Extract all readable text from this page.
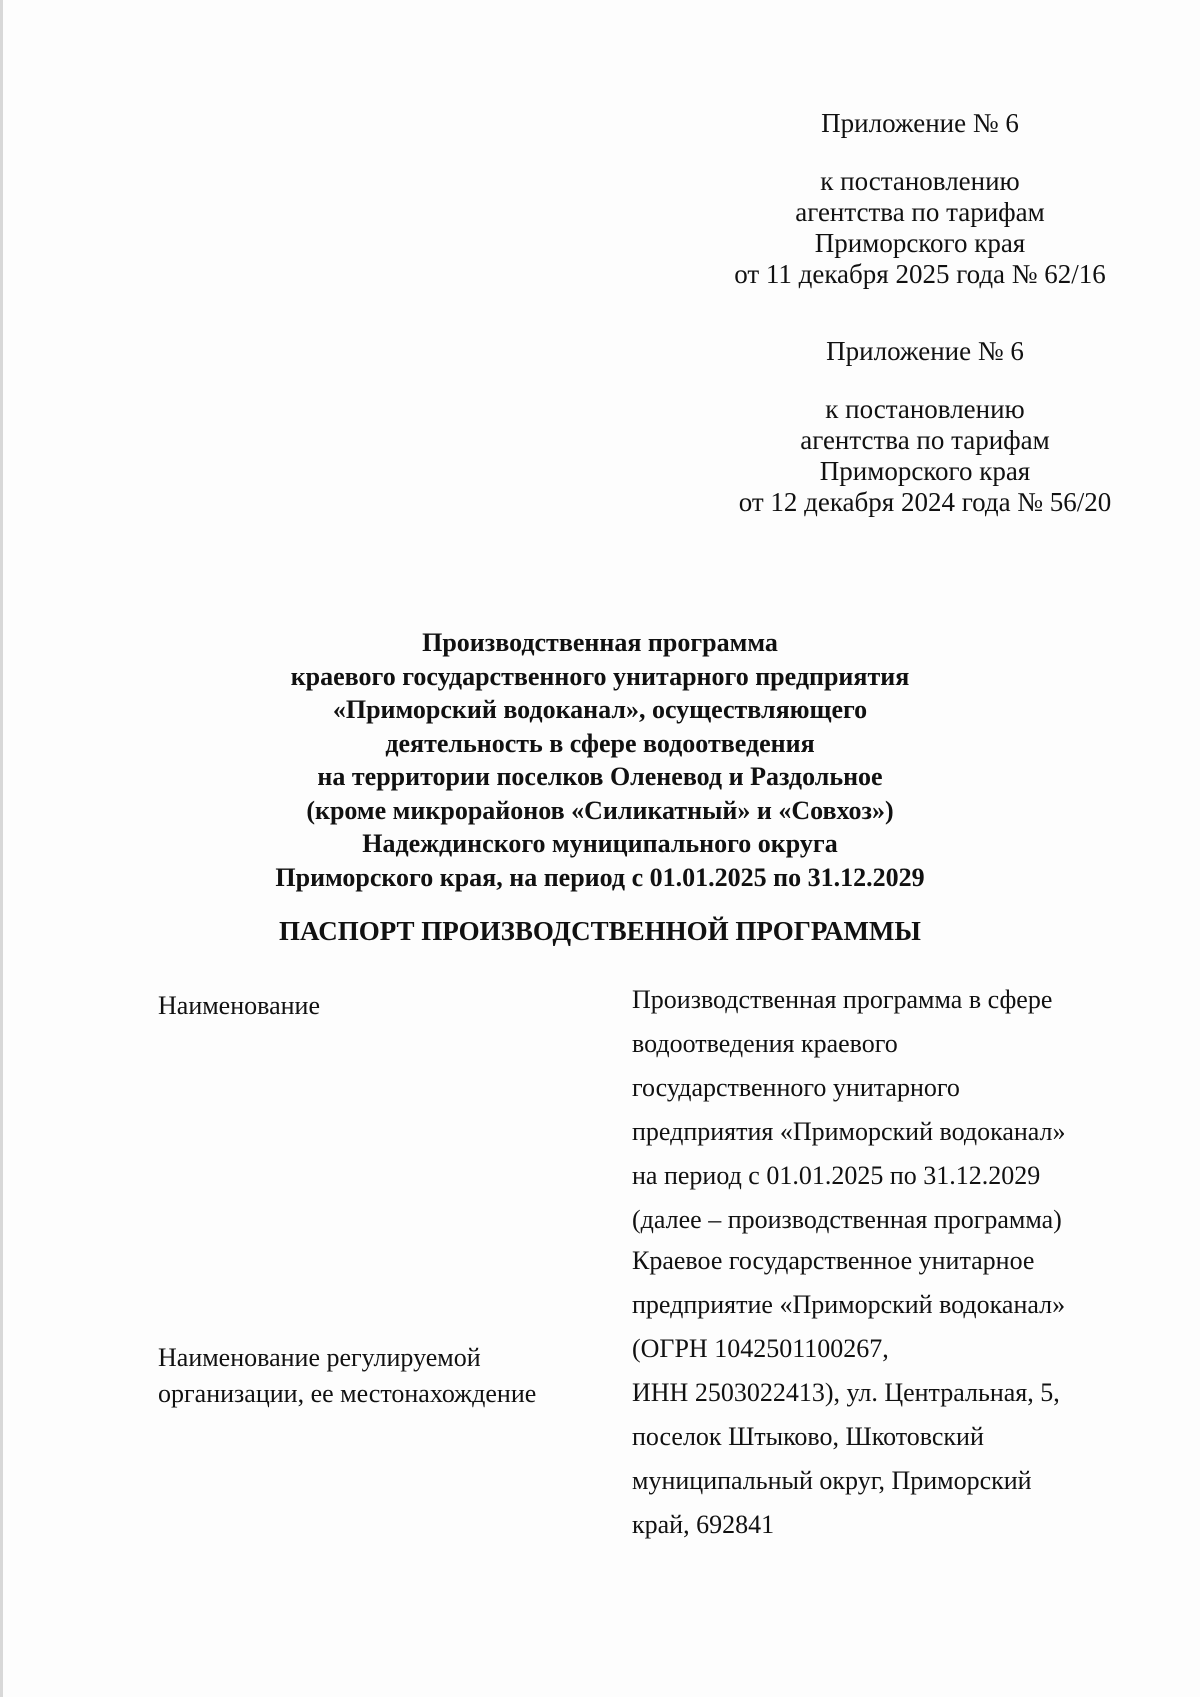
Приложение № 6
к постановлению
агентства по тарифам
Приморского края
от 11 декабря 2025 года № 62/16
Приложение № 6
к постановлению
агентства по тарифам
Приморского края
от 12 декабря 2024 года № 56/20
Производственная программа
краевого государственного унитарного предприятия
«Приморский водоканал», осуществляющего
деятельность в сфере водоотведения
на территории поселков Оленевод и Раздольное
(кроме микрорайонов «Силикатный» и «Совхоз»)
Надеждинского муниципального округа
Приморского края, на период с 01.01.2025 по 31.12.2029
ПАСПОРТ ПРОИЗВОДСТВЕННОЙ ПРОГРАММЫ
Наименование	Производственная программа в сфере
водоотведения краевого
государственного унитарного
предприятия «Приморский водоканал»
на период с 01.01.2025 по 31.12.2029
(далее – производственная программа)
Наименование регулируемой
организации, ее местонахождение
Краевое государственное унитарное
предприятие «Приморский водоканал»
(ОГРН 1042501100267,
ИНН 2503022413), ул. Центральная, 5,
поселок Штыково, Шкотовский
муниципальный округ, Приморский
край, 692841
